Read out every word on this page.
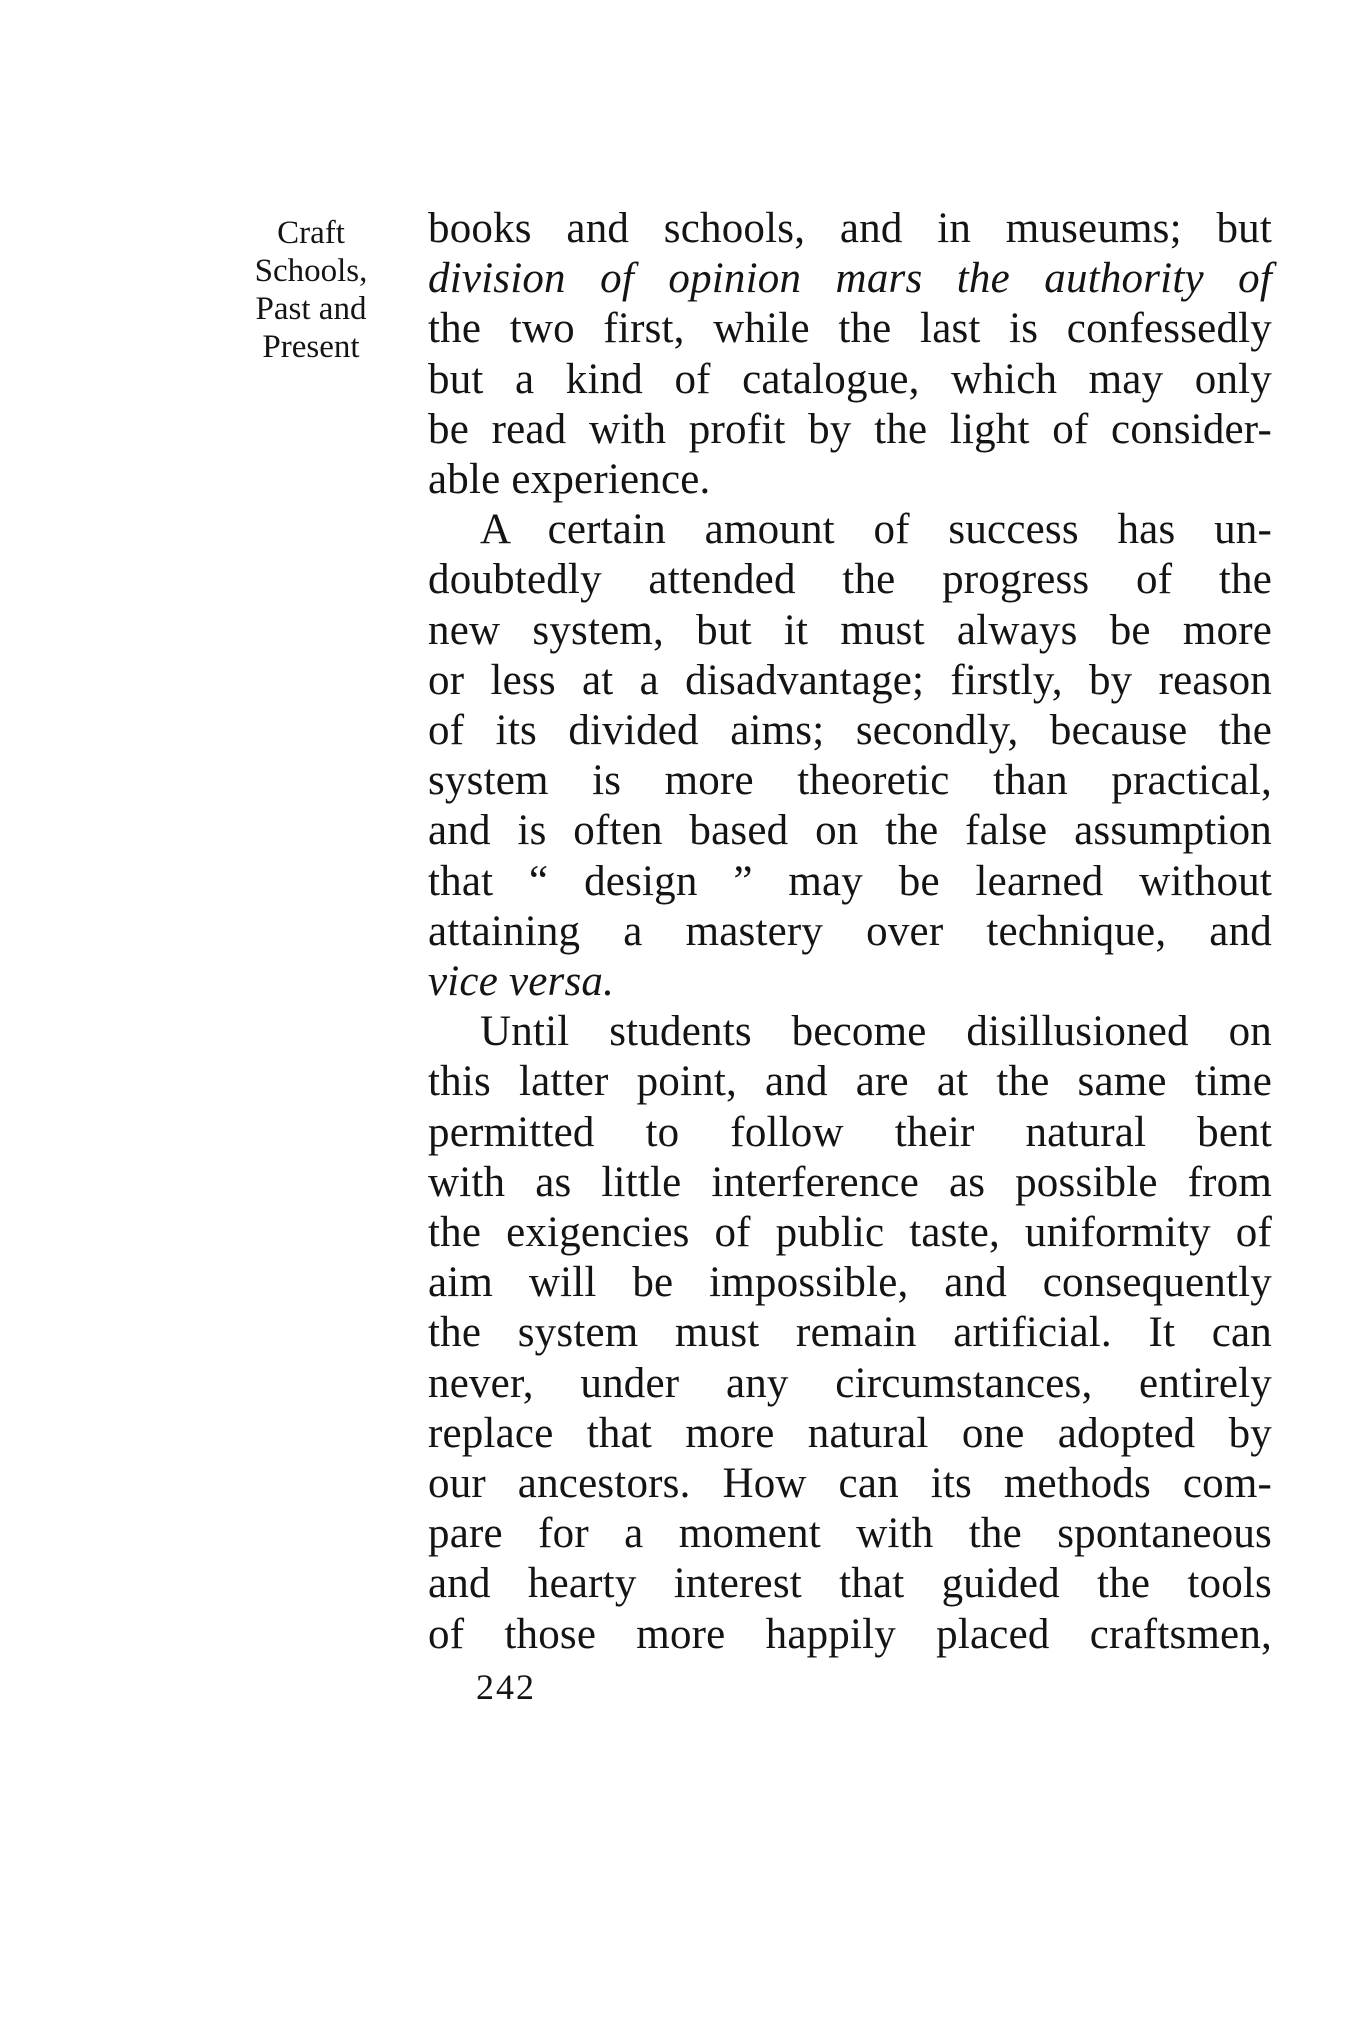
Craft
Schools,
Past and
Present
books and schools, and in museums; but
division of opinion mars the authority of
the two first, while the last is confessedly
but a kind of catalogue, which may only
be read with profit by the light of consider-
able experience.
A certain amount of success has un-
doubtedly attended the progress of the
new system, but it must always be more
or less at a disadvantage; firstly, by reason
of its divided aims; secondly, because the
system is more theoretic than practical,
and is often based on the false assumption
that “ design ” may be learned without
attaining a mastery over technique, and
vice versa.
Until students become disillusioned on
this latter point, and are at the same time
permitted to follow their natural bent
with as little interference as possible from
the exigencies of public taste, uniformity of
aim will be impossible, and consequently
the system must remain artificial. It can
never, under any circumstances, entirely
replace that more natural one adopted by
our ancestors. How can its methods com-
pare for a moment with the spontaneous
and hearty interest that guided the tools
of those more happily placed craftsmen,
242
